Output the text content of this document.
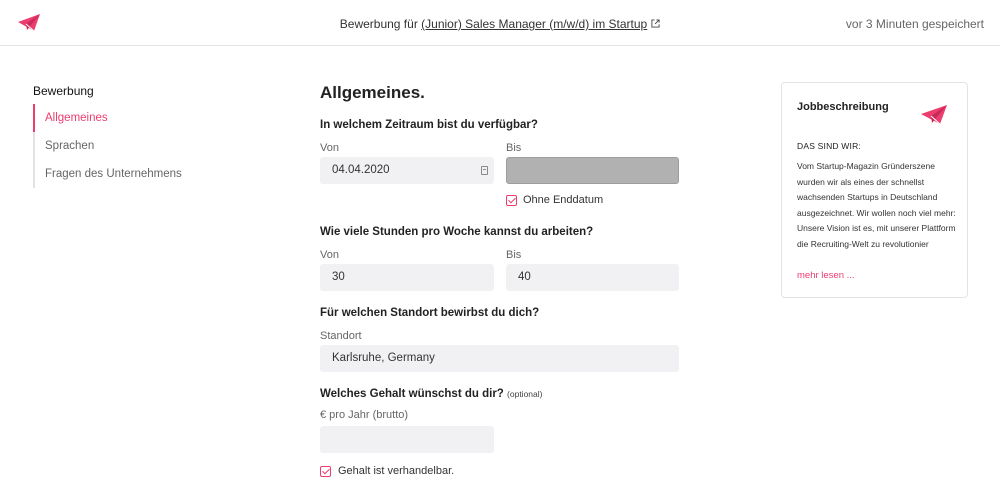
Bewerbung für (Junior) Sales Manager (m/w/d) im Startup	vor 3 Minuten gespeichert
Bewerbung
Allgemeines
Sprachen
Fragen des Unternehmens
Allgemeines.
In welchem Zeitraum bist du verfügbar?
Von	Bis
04.04.2020
Ohne Enddatum
Wie viele Stunden pro Woche kannst du arbeiten?
Von	Bis
30	40
Für welchen Standort bewirbst du dich?
Standort
Karlsruhe, Germany
Welches Gehalt wünschst du dir? (optional)
€ pro Jahr (brutto)
Gehalt ist verhandelbar.
Jobbeschreibung
DAS SIND WIR:
Vom Startup-Magazin Gründerszene wurden wir als eines der schnellst wachsenden Startups in Deutschland ausgezeichnet. Wir wollen noch viel mehr: Unsere Vision ist es, mit unserer Plattform die Recruiting-Welt zu revolutionier
mehr lesen ...
